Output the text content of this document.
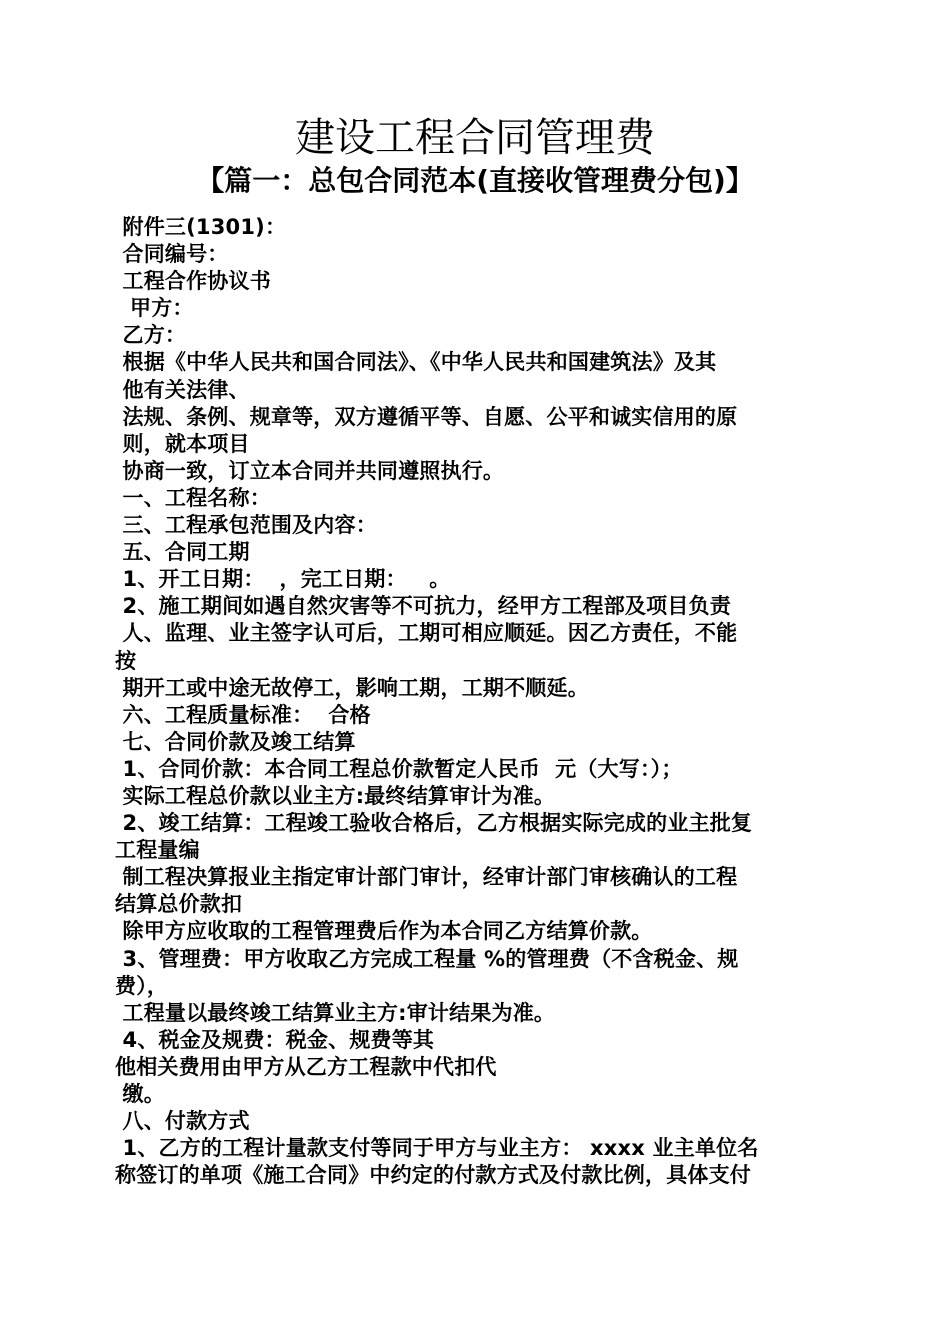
建设工程合同管理费
【篇一：总包合同范本(直接收管理费分包)】
附件三(1301)：
合同编号：
工程合作协议书
甲方：
乙方：
根据《中华人民共和国合同法》、《中华人民共和国建筑法》及其
他有关法律、
法规、条例、规章等，双方遵循平等、自愿、公平和诚实信用的原
则，就本项目
协商一致，订立本合同并共同遵照执行。
一、工程名称：
三、工程承包范围及内容：
五、合同工期
1、开工日期：  ，完工日期：   。
2、施工期间如遇自然灾害等不可抗力，经甲方工程部及项目负责
人、监理、业主签字认可后，工期可相应顺延。因乙方责任，不能
按
期开工或中途无故停工，影响工期，工期不顺延。
六、工程质量标准：  合格
七、合同价款及竣工结算
1、合同价款：本合同工程总价款暂定人民币  元（大写：）；
实际工程总价款以业主方:最终结算审计为准。
2、竣工结算：工程竣工验收合格后，乙方根据实际完成的业主批复
工程量编
制工程决算报业主指定审计部门审计，经审计部门审核确认的工程
结算总价款扣
除甲方应收取的工程管理费后作为本合同乙方结算价款。
3、管理费：甲方收取乙方完成工程量 %的管理费（不含税金、规
费），
工程量以最终竣工结算业主方:审计结果为准。
4、税金及规费：税金、规费等其
他相关费用由甲方从乙方工程款中代扣代
缴。
八、付款方式
1、乙方的工程计量款支付等同于甲方与业主方： xxxx 业主单位名
称签订的单项《施工合同》中约定的付款方式及付款比例，具体支付
